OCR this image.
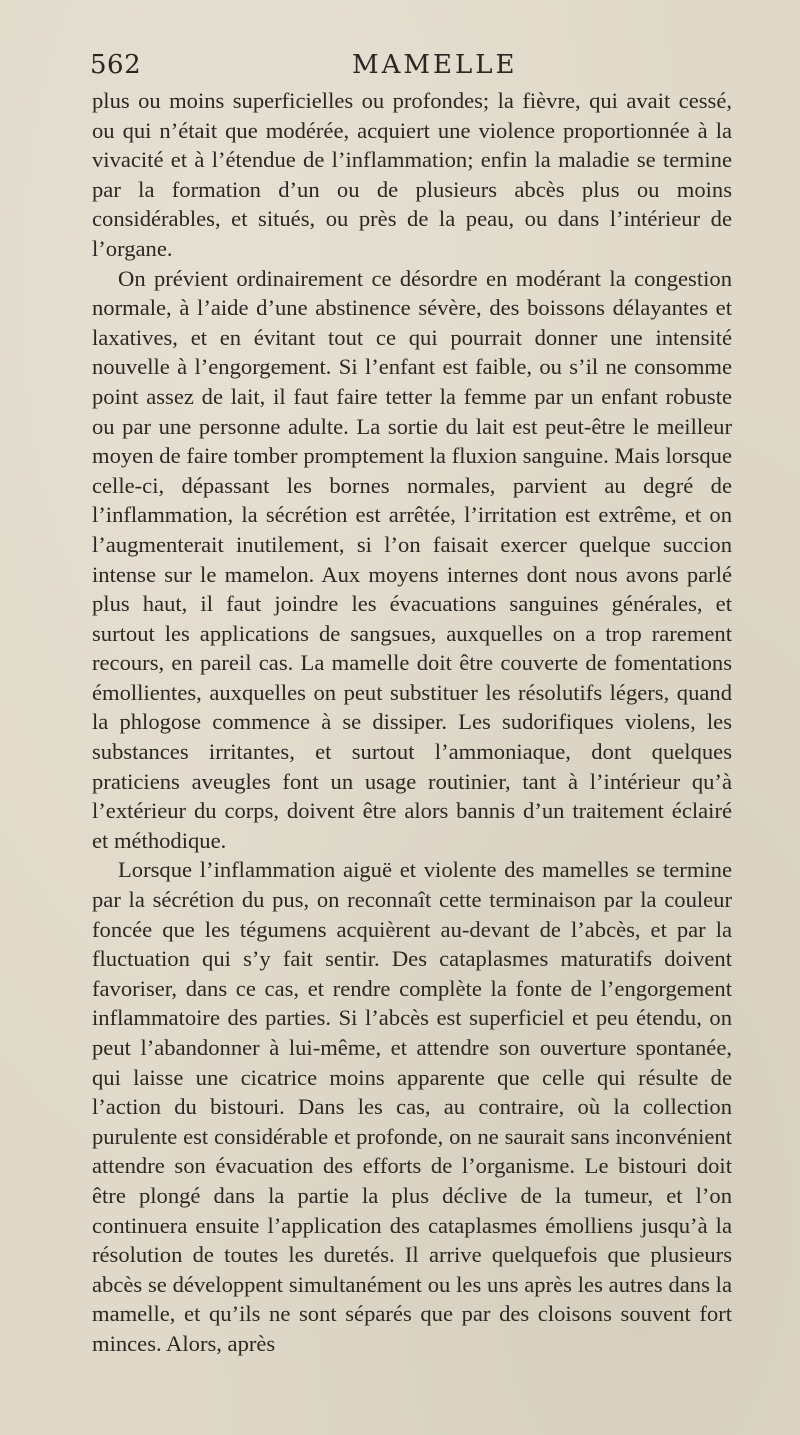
562	MAMELLE

plus ou moins superficielles ou profondes; la fièvre, qui avait cessé, ou qui n’était que modérée, acquiert une violence proportionnée à la vivacité et à l’étendue de l’inflammation; enfin la maladie se termine par la formation d’un ou de plusieurs abcès plus ou moins considérables, et situés, ou près de la peau, ou dans l’intérieur de l’organe.

On prévient ordinairement ce désordre en modérant la congestion normale, à l’aide d’une abstinence sévère, des boissons délayantes et laxatives, et en évitant tout ce qui pourrait donner une intensité nouvelle à l’engorgement. Si l’enfant est faible, ou s’il ne consomme point assez de lait, il faut faire tetter la femme par un enfant robuste ou par une personne adulte. La sortie du lait est peut-être le meilleur moyen de faire tomber promptement la fluxion sanguine. Mais lorsque celle-ci, dépassant les bornes normales, parvient au degré de l’inflammation, la sécrétion est arrêtée, l’irritation est extrême, et on l’augmenterait inutilement, si l’on faisait exercer quelque succion intense sur le mamelon. Aux moyens internes dont nous avons parlé plus haut, il faut joindre les évacuations sanguines générales, et surtout les applications de sangsues, auxquelles on a trop rarement recours, en pareil cas. La mamelle doit être couverte de fomentations émollientes, auxquelles on peut substituer les résolutifs légers, quand la phlogose commence à se dissiper. Les sudorifiques violens, les substances irritantes, et surtout l’ammoniaque, dont quelques praticiens aveugles font un usage routinier, tant à l’intérieur qu’à l’extérieur du corps, doivent être alors bannis d’un traitement éclairé et méthodique.

Lorsque l’inflammation aiguë et violente des mamelles se termine par la sécrétion du pus, on reconnaît cette terminaison par la couleur foncée que les tégumens acquièrent au-devant de l’abcès, et par la fluctuation qui s’y fait sentir. Des cataplasmes maturatifs doivent favoriser, dans ce cas, et rendre complète la fonte de l’engorgement inflammatoire des parties. Si l’abcès est superficiel et peu étendu, on peut l’abandonner à lui-même, et attendre son ouverture spontanée, qui laisse une cicatrice moins apparente que celle qui résulte de l’action du bistouri. Dans les cas, au contraire, où la collection purulente est considérable et profonde, on ne saurait sans inconvénient attendre son évacuation des efforts de l’organisme. Le bistouri doit être plongé dans la partie la plus déclive de la tumeur, et l’on continuera ensuite l’application des cataplasmes émolliens jusqu’à la résolution de toutes les duretés. Il arrive quelquefois que plusieurs abcès se développent simultanément ou les uns après les autres dans la mamelle, et qu’ils ne sont séparés que par des cloisons souvent fort minces. Alors, après
